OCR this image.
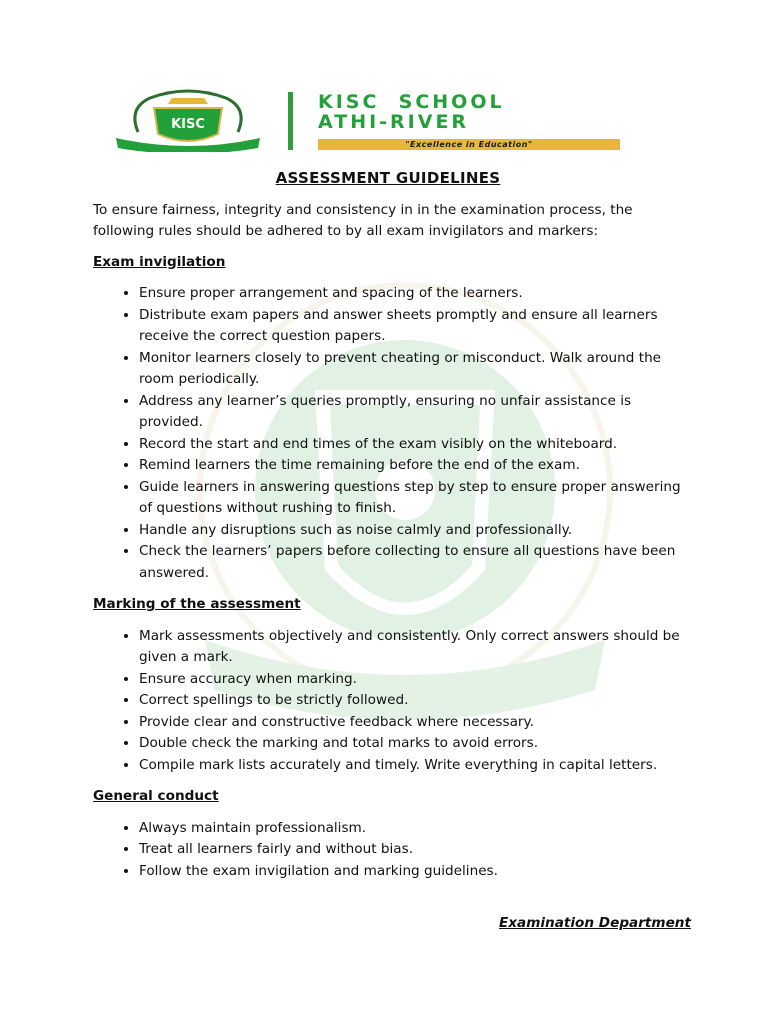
KISC
KISC  SCHOOL
ATHI-RIVER
"Excellence in Education"
ASSESSMENT GUIDELINES

To ensure fairness, integrity and consistency in in the examination process, the following rules should be adhered to by all exam invigilators and markers:

Exam invigilation
• Ensure proper arrangement and spacing of the learners.
• Distribute exam papers and answer sheets promptly and ensure all learners receive the correct question papers.
• Monitor learners closely to prevent cheating or misconduct. Walk around the room periodically.
• Address any learner’s queries promptly, ensuring no unfair assistance is provided.
• Record the start and end times of the exam visibly on the whiteboard.
• Remind learners the time remaining before the end of the exam.
• Guide learners in answering questions step by step to ensure proper answering of questions without rushing to finish.
• Handle any disruptions such as noise calmly and professionally.
• Check the learners’ papers before collecting to ensure all questions have been answered.
Marking of the assessment
• Mark assessments objectively and consistently. Only correct answers should be given a mark.
• Ensure accuracy when marking.
• Correct spellings to be strictly followed.
• Provide clear and constructive feedback where necessary.
• Double check the marking and total marks to avoid errors.
• Compile mark lists accurately and timely. Write everything in capital letters.
General conduct
• Always maintain professionalism.
• Treat all learners fairly and without bias.
• Follow the exam invigilation and marking guidelines.
Examination Department
